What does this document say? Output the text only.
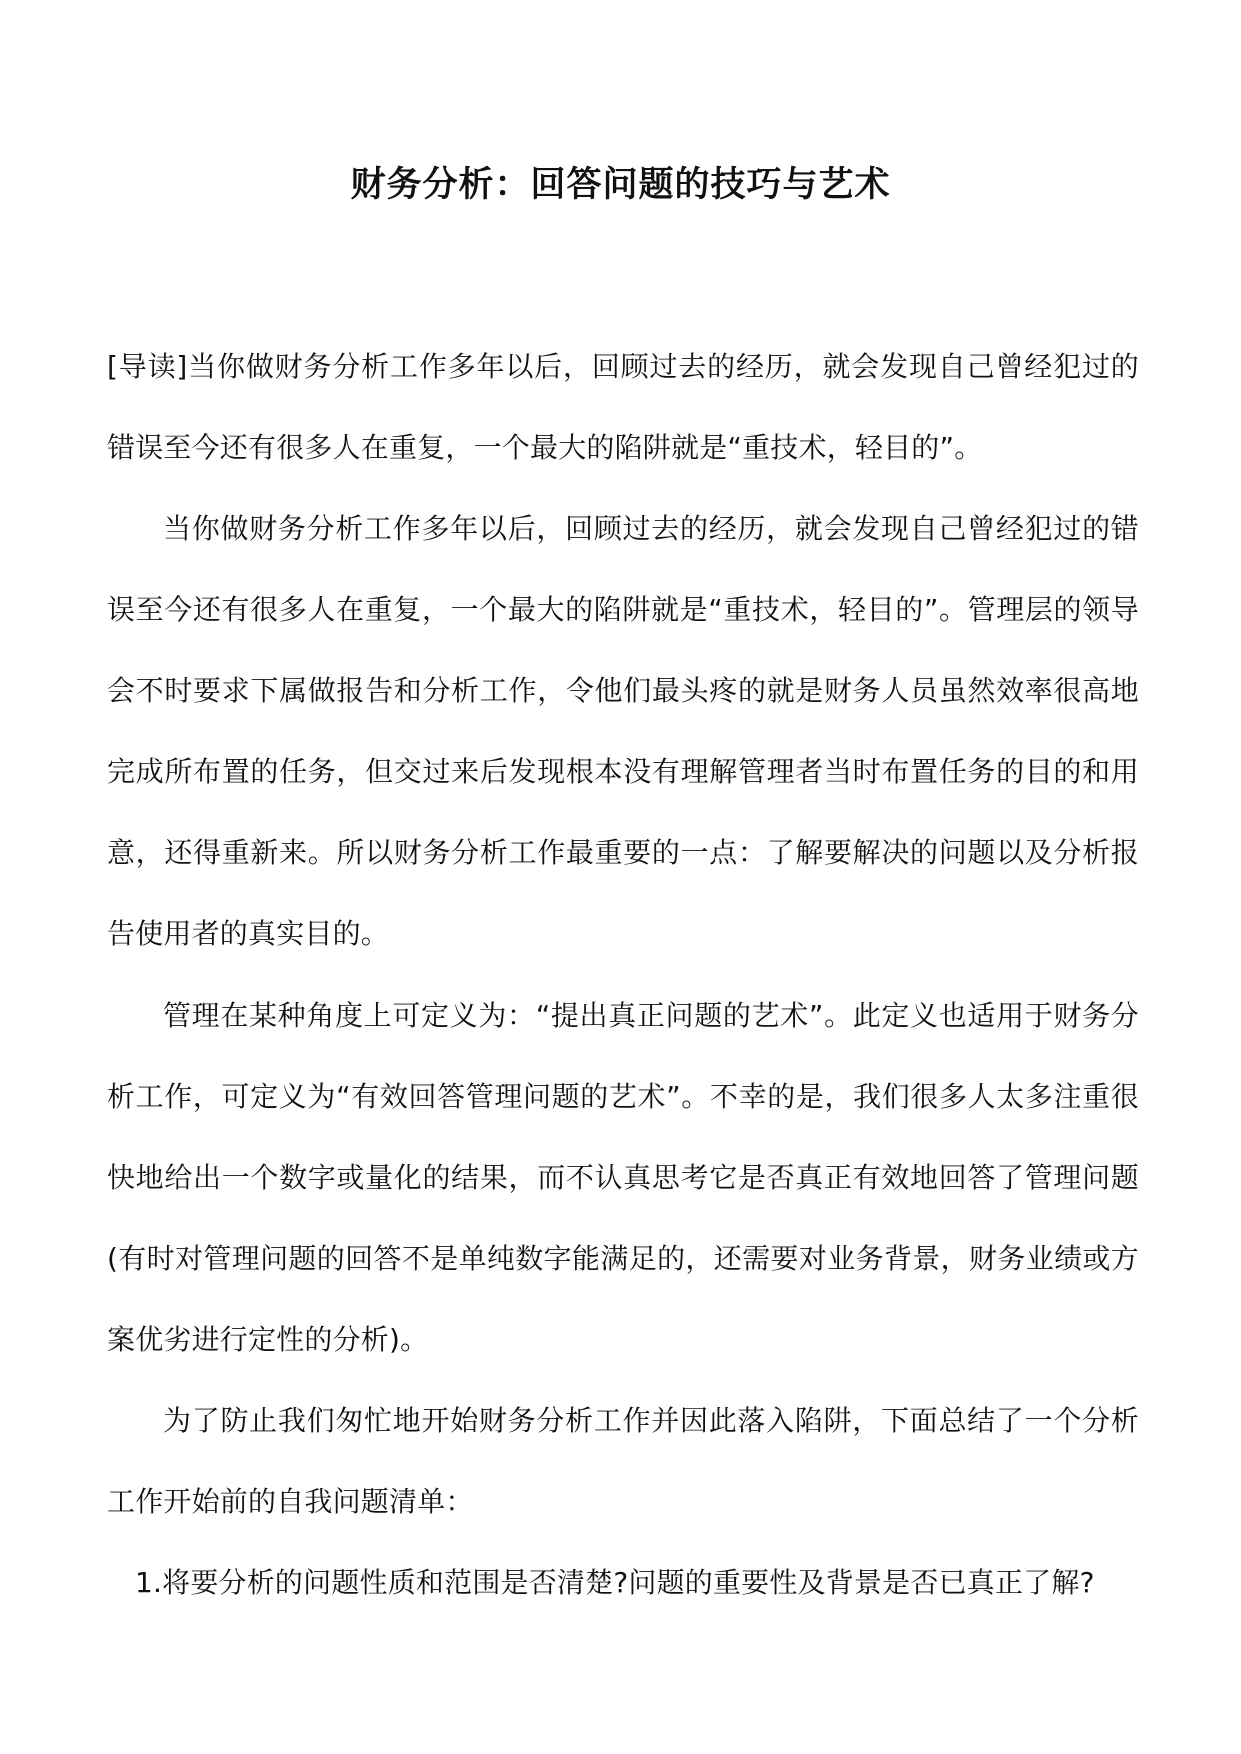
财务分析：回答问题的技巧与艺术

[导读]当你做财务分析工作多年以后，回顾过去的经历，就会发现自己曾经犯过的错误至今还有很多人在重复，一个最大的陷阱就是“重技术，轻目的”。

当你做财务分析工作多年以后，回顾过去的经历，就会发现自己曾经犯过的错误至今还有很多人在重复，一个最大的陷阱就是“重技术，轻目的”。管理层的领导会不时要求下属做报告和分析工作，令他们最头疼的就是财务人员虽然效率很高地完成所布置的任务，但交过来后发现根本没有理解管理者当时布置任务的目的和用意，还得重新来。所以财务分析工作最重要的一点：了解要解决的问题以及分析报告使用者的真实目的。

管理在某种角度上可定义为：“提出真正问题的艺术”。此定义也适用于财务分析工作，可定义为“有效回答管理问题的艺术”。不幸的是，我们很多人太多注重很快地给出一个数字或量化的结果，而不认真思考它是否真正有效地回答了管理问题(有时对管理问题的回答不是单纯数字能满足的，还需要对业务背景，财务业绩或方案优劣进行定性的分析)。

为了防止我们匆忙地开始财务分析工作并因此落入陷阱，下面总结了一个分析工作开始前的自我问题清单：

1.将要分析的问题性质和范围是否清楚?问题的重要性及背景是否已真正了解?
